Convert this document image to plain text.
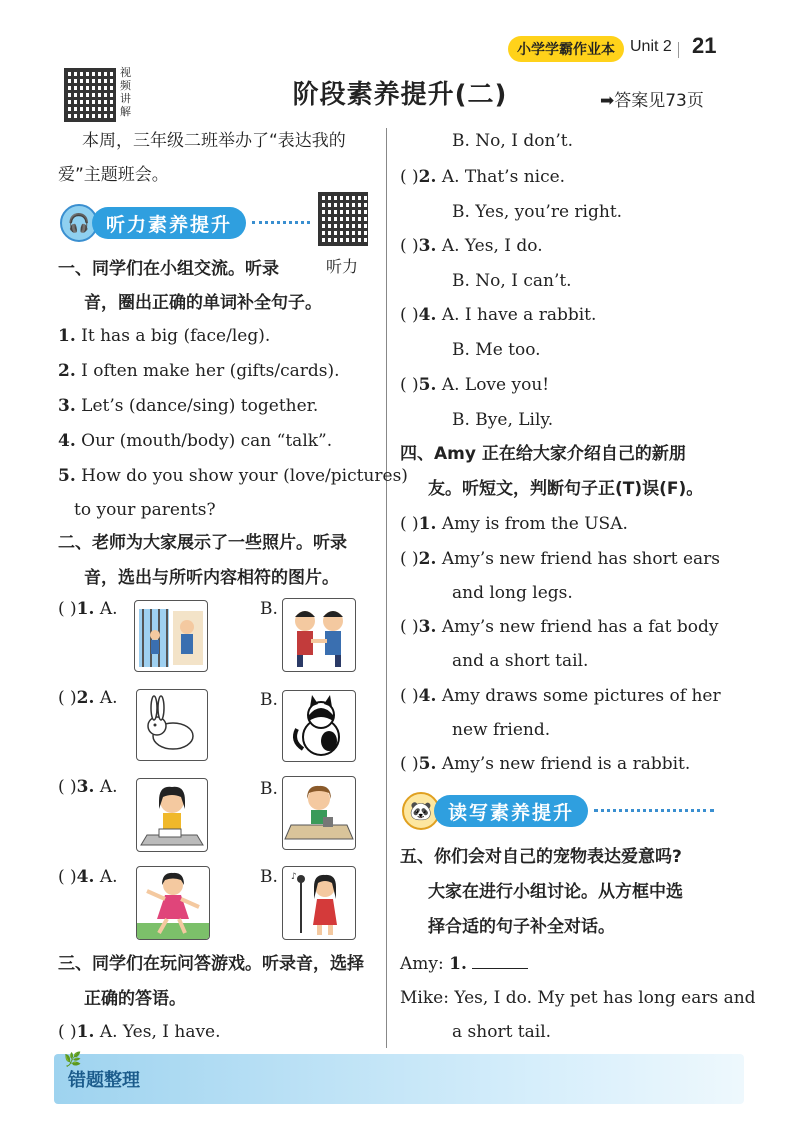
小学学霸作业本 Unit 2 21
视频讲解
阶段素养提升(二)	➡答案见73页
本周，三年级二班举办了“表达我的
爱”主题班会。
🎧 听力素养提升
听力
一、同学们在小组交流。听录
音，圈出正确的单词补全句子。
1. It has a big (face/leg).
2. I often make her (gifts/cards).
3. Let’s (dance/sing) together.
4. Our (mouth/body) can “talk”.
5. How do you show your (love/pictures)
to your parents?
二、老师为大家展示了一些照片。听录
音，选出与所听内容相符的图片。
( )1. A.	B.
( )2. A.	B.
( )3. A.	B.
( )4. A.	B. ♪
三、同学们在玩问答游戏。听录音，选择
正确的答语。
( )1. A. Yes, I have.
B. No, I don’t.
( )2. A. That’s nice.
B. Yes, you’re right.
( )3. A. Yes, I do.
B. No, I can’t.
( )4. A. I have a rabbit.
B. Me too.
( )5. A. Love you!
B. Bye, Lily.
四、Amy 正在给大家介绍自己的新朋
友。听短文，判断句子正(T)误(F)。
( )1. Amy is from the USA.
( )2. Amy’s new friend has short ears
and long legs.
( )3. Amy’s new friend has a fat body
and a short tail.
( )4. Amy draws some pictures of her
new friend.
( )5. Amy’s new friend is a rabbit.
🐼 读写素养提升
五、你们会对自己的宠物表达爱意吗?
大家在进行小组讨论。从方框中选
择合适的句子补全对话。
Amy: 1.
Mike: Yes, I do. My pet has long ears and
a short tail.
🌿
错题整理
